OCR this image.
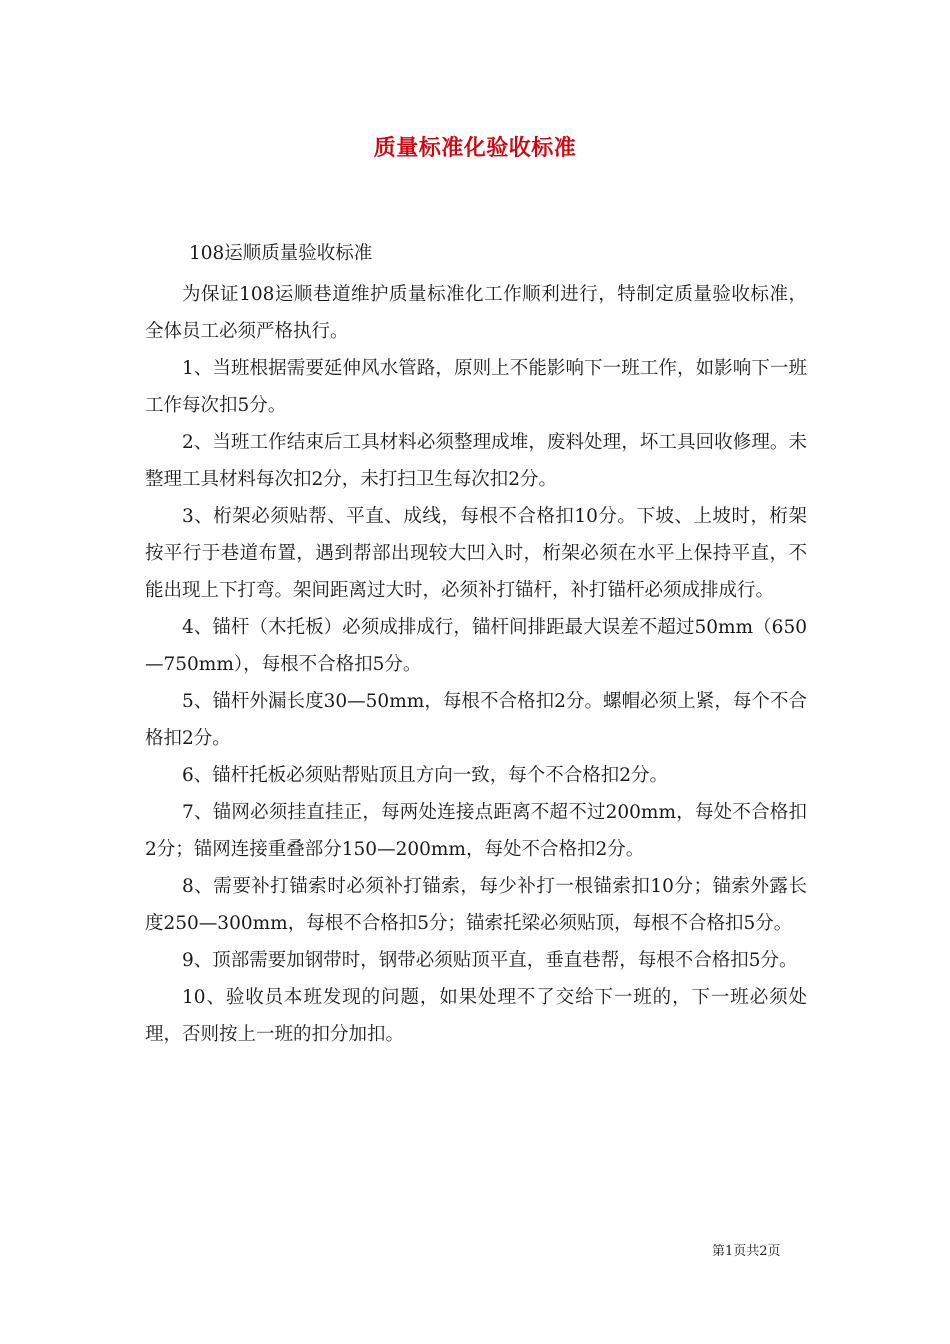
质量标准化验收标准
108运顺质量验收标准

为保证108运顺巷道维护质量标准化工作顺利进行，特制定质量验收标准，全体员工必须严格执行。

1、当班根据需要延伸风水管路，原则上不能影响下一班工作，如影响下一班工作每次扣5分。

2、当班工作结束后工具材料必须整理成堆，废料处理，坏工具回收修理。未整理工具材料每次扣2分，未打扫卫生每次扣2分。

3、桁架必须贴帮、平直、成线，每根不合格扣10分。下坡、上坡时，桁架按平行于巷道布置，遇到帮部出现较大凹入时，桁架必须在水平上保持平直，不能出现上下打弯。架间距离过大时，必须补打锚杆，补打锚杆必须成排成行。

4、锚杆（木托板）必须成排成行，锚杆间排距最大误差不超过50mm（650—750mm），每根不合格扣5分。

5、锚杆外漏长度30—50mm，每根不合格扣2分。螺帽必须上紧，每个不合格扣2分。

6、锚杆托板必须贴帮贴顶且方向一致，每个不合格扣2分。

7、锚网必须挂直挂正，每两处连接点距离不超不过200mm，每处不合格扣2分；锚网连接重叠部分150—200mm，每处不合格扣2分。

8、需要补打锚索时必须补打锚索，每少补打一根锚索扣10分；锚索外露长度250—300mm，每根不合格扣5分；锚索托梁必须贴顶，每根不合格扣5分。

9、顶部需要加钢带时，钢带必须贴顶平直，垂直巷帮，每根不合格扣5分。

10、验收员本班发现的问题，如果处理不了交给下一班的，下一班必须处理，否则按上一班的扣分加扣。

第1页共2页
